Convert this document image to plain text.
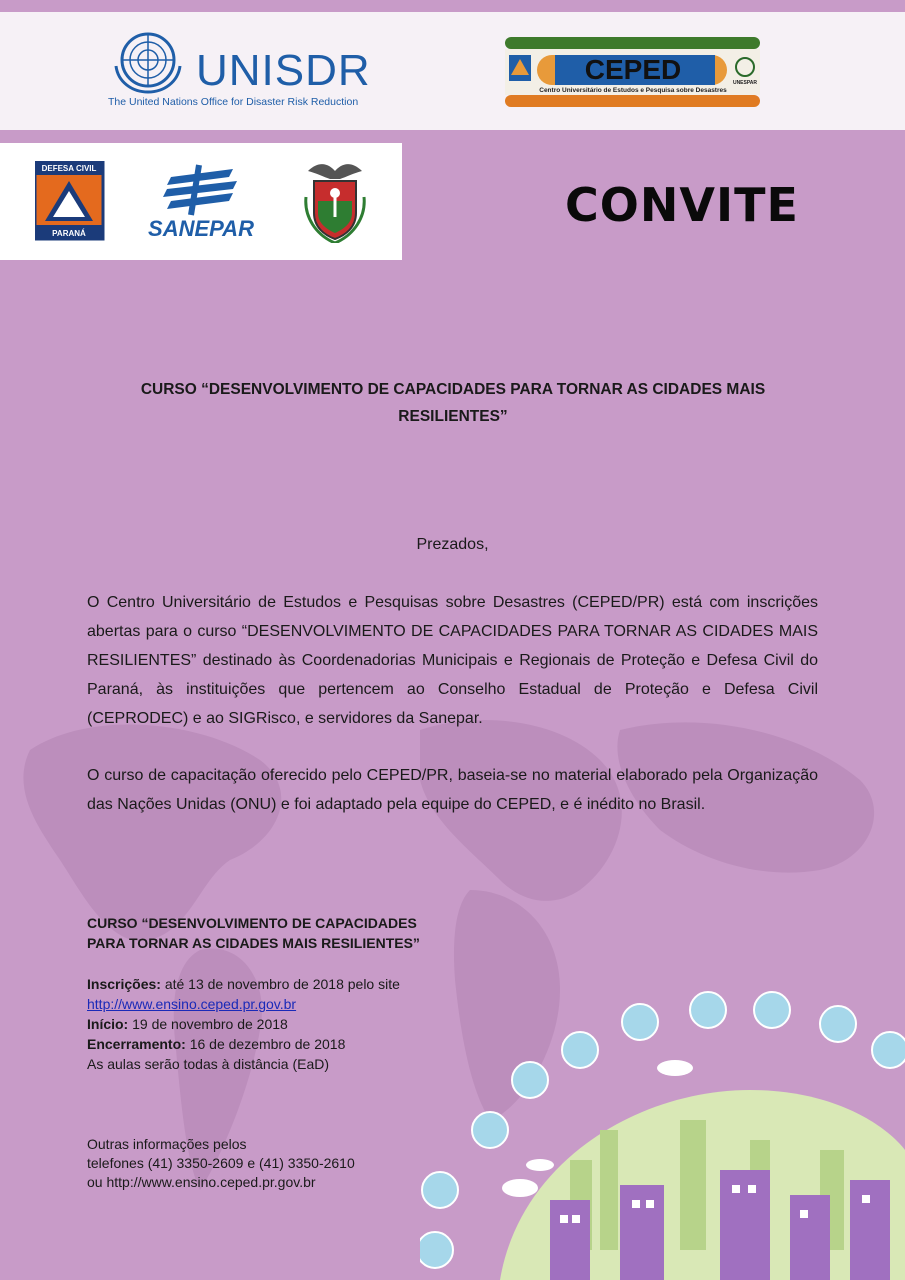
UNISDR
The United Nations Office for Disaster Risk Reduction
CEPED
Centro Universitário de Estudos e Pesquisa sobre Desastres
UNESPAR
DEFESA CIVIL
PARANÁ	SANEPAR	CONVITE
CURSO “DESENVOLVIMENTO DE CAPACIDADES PARA TORNAR AS CIDADES MAIS
RESILIENTES”
Prezados,
O Centro Universitário de Estudos e Pesquisas sobre Desastres (CEPED/PR) está com inscrições abertas para o curso “DESENVOLVIMENTO DE CAPACIDADES PARA TORNAR AS CIDADES MAIS RESILIENTES” destinado às Coordenadorias Municipais e Regionais de Proteção e Defesa Civil do Paraná, às instituições que pertencem ao Conselho Estadual de Proteção e Defesa Civil (CEPRODEC) e ao SIGRisco, e servidores da Sanepar.
O curso de capacitação oferecido pelo CEPED/PR, baseia-se no material elaborado pela Organização das Nações Unidas (ONU) e foi adaptado pela equipe do CEPED, e é inédito no Brasil.
CURSO “DESENVOLVIMENTO DE CAPACIDADES
PARA TORNAR AS CIDADES MAIS RESILIENTES”
Inscrições: até 13 de novembro de 2018 pelo site
http://www.ensino.ceped.pr.gov.br
Início: 19 de novembro de 2018
Encerramento: 16 de dezembro de 2018
As aulas serão todas à distância (EaD)
Outras informações pelos
telefones (41) 3350-2609 e (41) 3350-2610
ou http://www.ensino.ceped.pr.gov.br
